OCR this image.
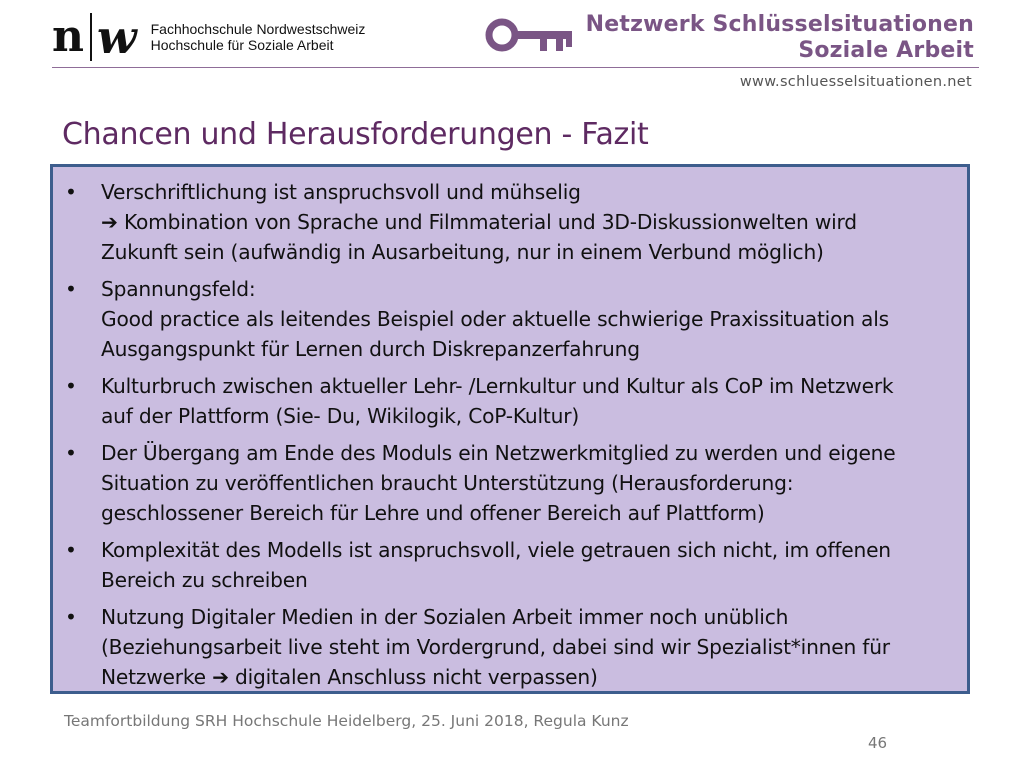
n w Fachhochschule Nordwestschweiz
Hochschule für Soziale Arbeit
Netzwerk Schlüsselsituationen
Soziale Arbeit
www.schluesselsituationen.net
Chancen und Herausforderungen - Fazit
• Verschriftlichung ist anspruchsvoll und mühselig
➔ Kombination von Sprache und Filmmaterial und 3D-Diskussionwelten wird
Zukunft sein (aufwändig in Ausarbeitung, nur in einem Verbund möglich)
• Spannungsfeld:
Good practice als leitendes Beispiel oder aktuelle schwierige Praxissituation als
Ausgangspunkt für Lernen durch Diskrepanzerfahrung
• Kulturbruch zwischen aktueller Lehr- /Lernkultur und Kultur als CoP im Netzwerk
auf der Plattform (Sie- Du, Wikilogik, CoP-Kultur)
• Der Übergang am Ende des Moduls ein Netzwerkmitglied zu werden und eigene
Situation zu veröffentlichen braucht Unterstützung (Herausforderung:
geschlossener Bereich für Lehre und offener Bereich auf Plattform)
• Komplexität des Modells ist anspruchsvoll, viele getrauen sich nicht, im offenen
Bereich zu schreiben
• Nutzung Digitaler Medien in der Sozialen Arbeit immer noch unüblich
(Beziehungsarbeit live steht im Vordergrund, dabei sind wir Spezialist*innen für
Netzwerke ➔ digitalen Anschluss nicht verpassen)
Teamfortbildung SRH Hochschule Heidelberg, 25. Juni 2018, Regula Kunz
46
